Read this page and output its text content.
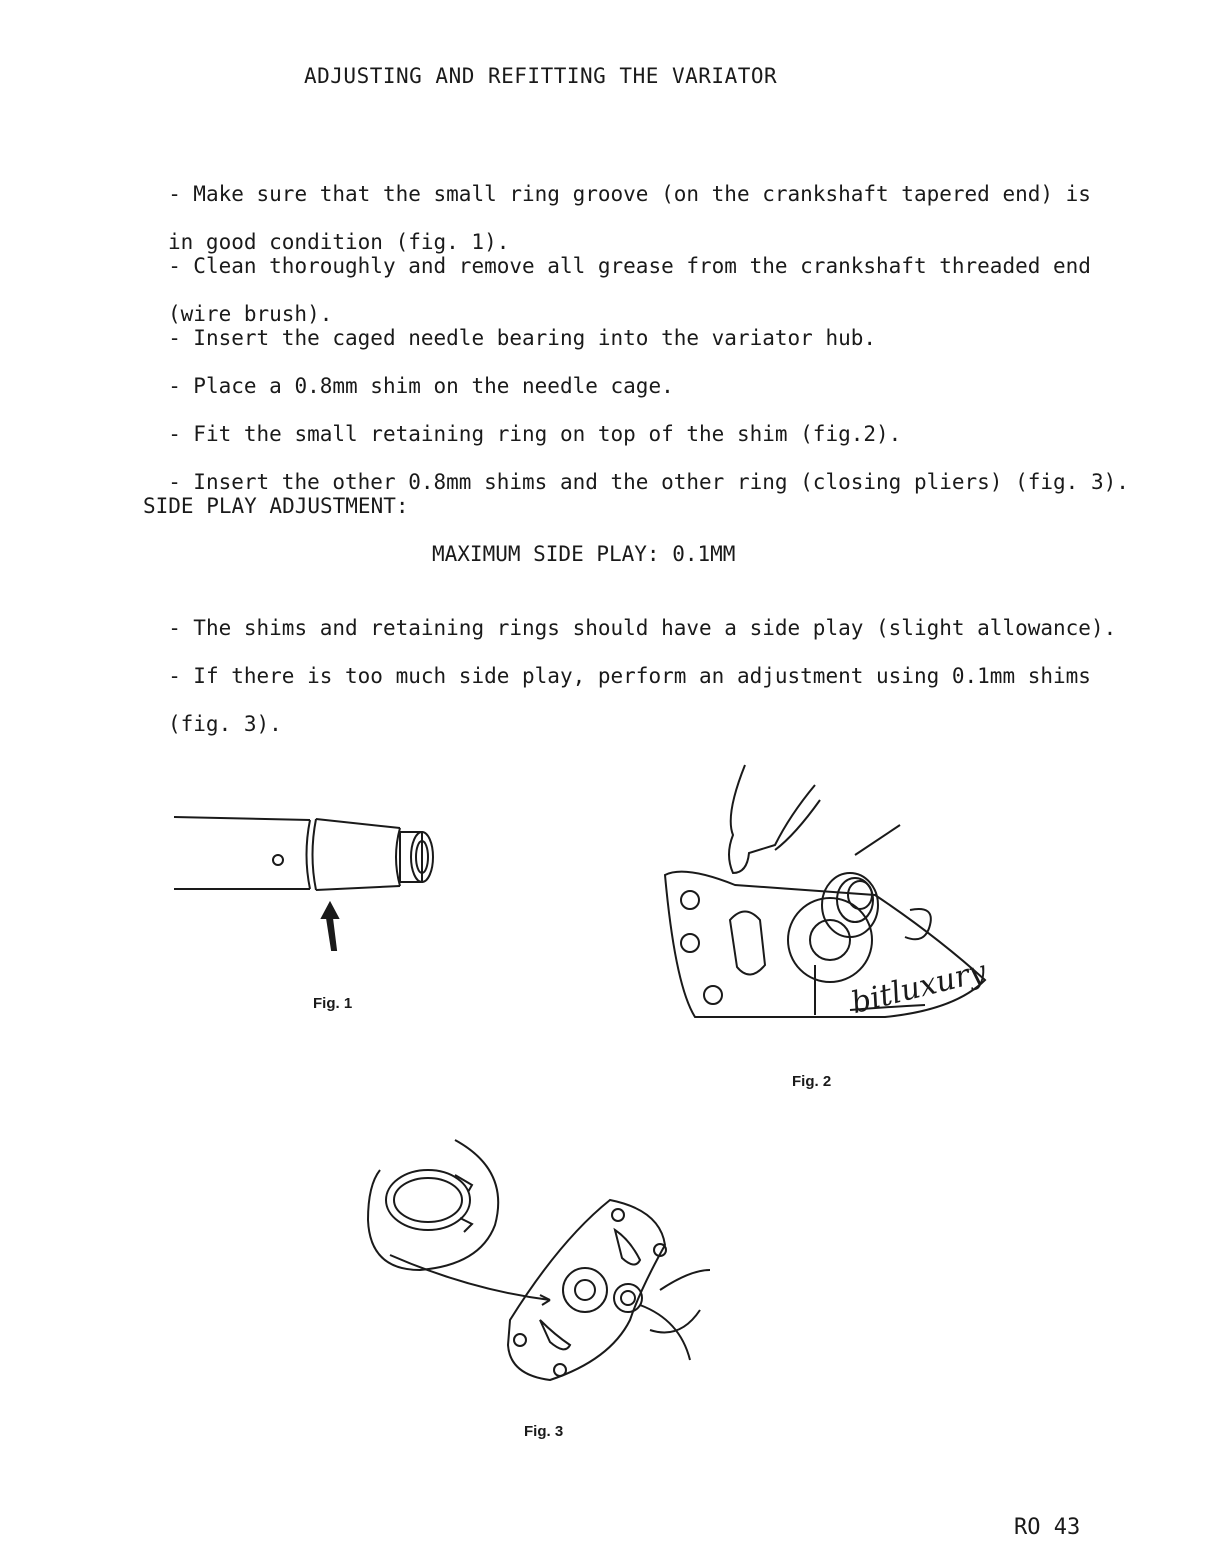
ADJUSTING AND REFITTING THE VARIATOR

- Make sure that the small ring groove (on the crankshaft tapered end) is

in good condition (fig. 1).

- Clean thoroughly and remove all grease from the crankshaft threaded end

(wire brush).

- Insert the caged needle bearing into the variator hub.

- Place a 0.8mm shim on the needle cage.

- Fit the small retaining ring on top of the shim (fig.2).

- Insert the other 0.8mm shims and the other ring (closing pliers) (fig. 3).

SIDE PLAY ADJUSTMENT:
MAXIMUM SIDE PLAY: 0.1MM

- The shims and retaining rings should have a side play (slight allowance).

- If there is too much side play, perform an adjustment using 0.1mm shims

(fig. 3).

Fig. 1	bitluxury
Fig. 2
Fig. 3
RO 43
